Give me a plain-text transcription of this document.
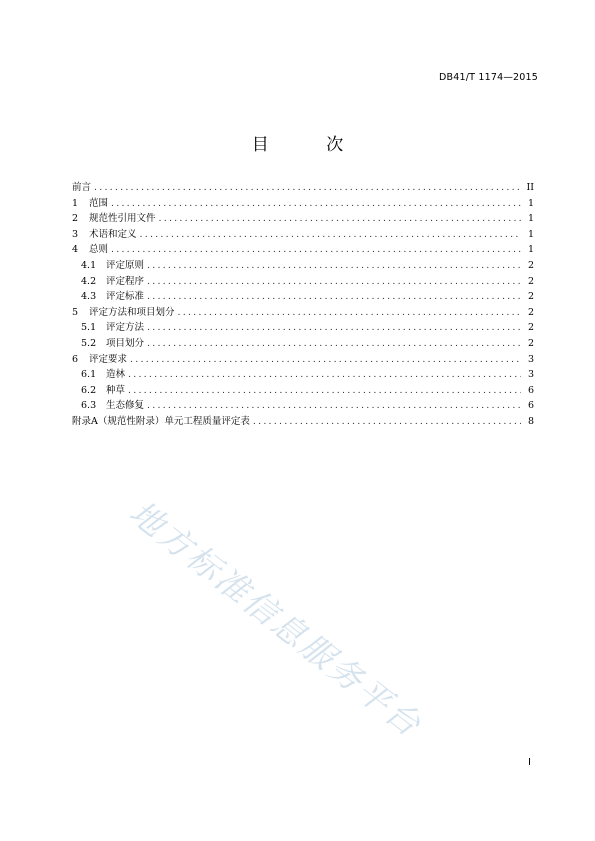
DB41/T 1174—2015
目 次
前言 .....	II
1	范围 .....	1
2	规范性引用文件 .....	1
3	术语和定义 .....	1
4	总则 .....	1
4.1	评定原则 .....	2
4.2	评定程序 .....	2
4.3	评定标准 .....	2
5	评定方法和项目划分 .....	2
5.1	评定方法 .....	2
5.2	项目划分 .....	2
6	评定要求 .....	3
6.1	造林 .....	3
6.2	种草 .....	6
6.3	生态修复 .....	6
附录A（规范性附录）单元工程质量评定表 .....	8
地方标准信息服务平台
I
